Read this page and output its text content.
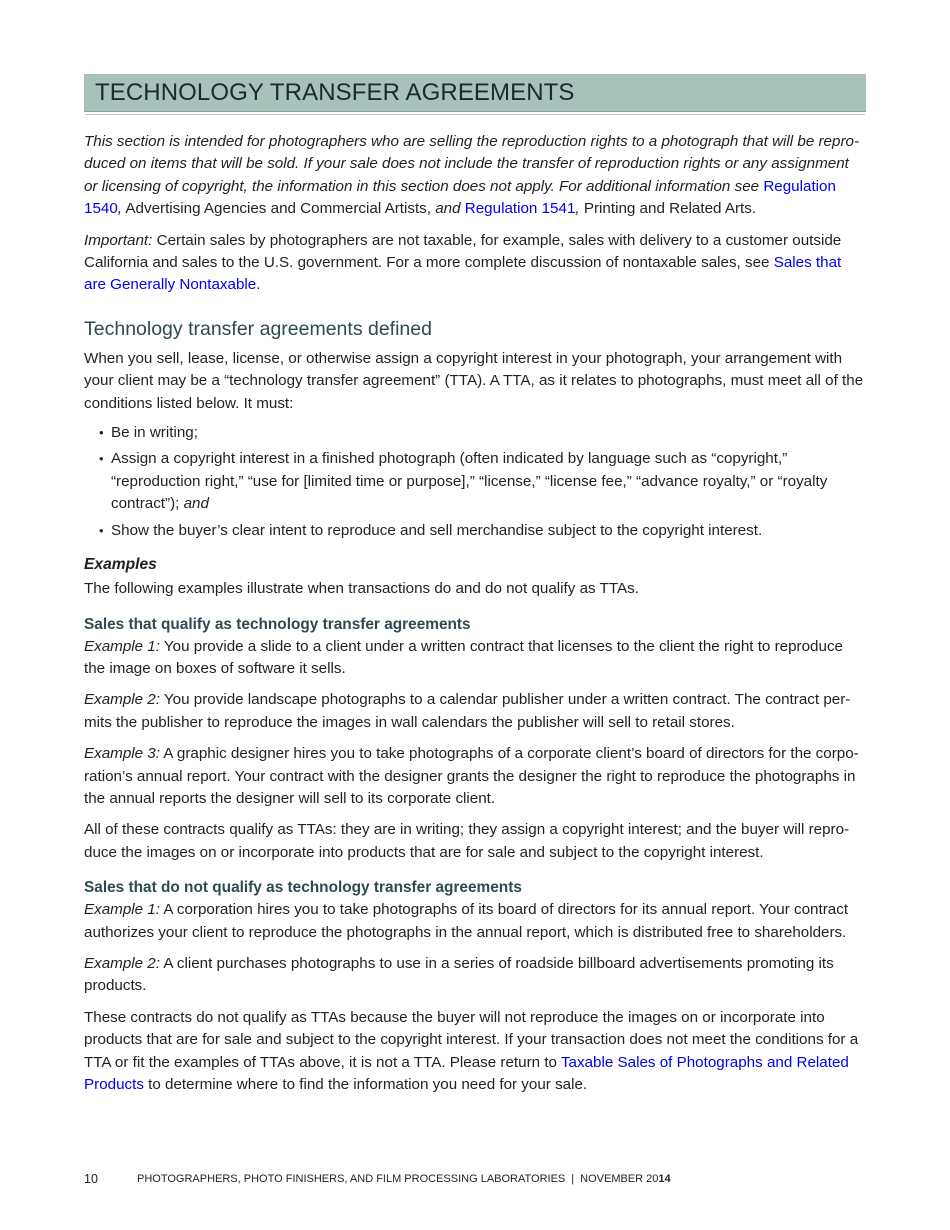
TECHNOLOGY TRANSFER AGREEMENTS

This section is intended for photographers who are selling the reproduction rights to a photograph that will be repro-duced on items that will be sold. If your sale does not include the transfer of reproduction rights or any assignment or licensing of copyright, the information in this section does not apply. For additional information see Regulation 1540, Advertising Agencies and Commercial Artists, and Regulation 1541, Printing and Related Arts.

Important: Certain sales by photographers are not taxable, for example, sales with delivery to a customer outside California and sales to the U.S. government. For a more complete discussion of nontaxable sales, see Sales that are Generally Nontaxable.

Technology transfer agreements defined

When you sell, lease, license, or otherwise assign a copyright interest in your photograph, your arrangement with your client may be a “technology transfer agreement” (TTA). A TTA, as it relates to photographs, must meet all of the conditions listed below. It must:

• Be in writing;
• Assign a copyright interest in a finished photograph (often indicated by language such as “copyright,” “reproduction right,” “use for [limited time or purpose],” “license,” “license fee,” “advance royalty,” or “royalty contract”); and
• Show the buyer’s clear intent to reproduce and sell merchandise subject to the copyright interest.
Examples

The following examples illustrate when transactions do and do not qualify as TTAs.

Sales that qualify as technology transfer agreements

Example 1: You provide a slide to a client under a written contract that licenses to the client the right to reproduce the image on boxes of software it sells.

Example 2: You provide landscape photographs to a calendar publisher under a written contract. The contract per-mits the publisher to reproduce the images in wall calendars the publisher will sell to retail stores.

Example 3: A graphic designer hires you to take photographs of a corporate client’s board of directors for the corpo-ration’s annual report. Your contract with the designer grants the designer the right to reproduce the photographs in the annual reports the designer will sell to its corporate client.

All of these contracts qualify as TTAs: they are in writing; they assign a copyright interest; and the buyer will repro-duce the images on or incorporate into products that are for sale and subject to the copyright interest.

Sales that do not qualify as technology transfer agreements

Example 1: A corporation hires you to take photographs of its board of directors for its annual report. Your contract authorizes your client to reproduce the photographs in the annual report, which is distributed free to shareholders.

Example 2: A client purchases photographs to use in a series of roadside billboard advertisements promoting its products.

These contracts do not qualify as TTAs because the buyer will not reproduce the images on or incorporate into products that are for sale and subject to the copyright interest. If your transaction does not meet the conditions for a TTA or fit the examples of TTAs above, it is not a TTA. Please return to Taxable Sales of Photographs and Related Products to determine where to find the information you need for your sale.

10	PHOTOGRAPHERS, PHOTO FINISHERS, AND FILM PROCESSING LABORATORIES | NOVEMBER 2014
